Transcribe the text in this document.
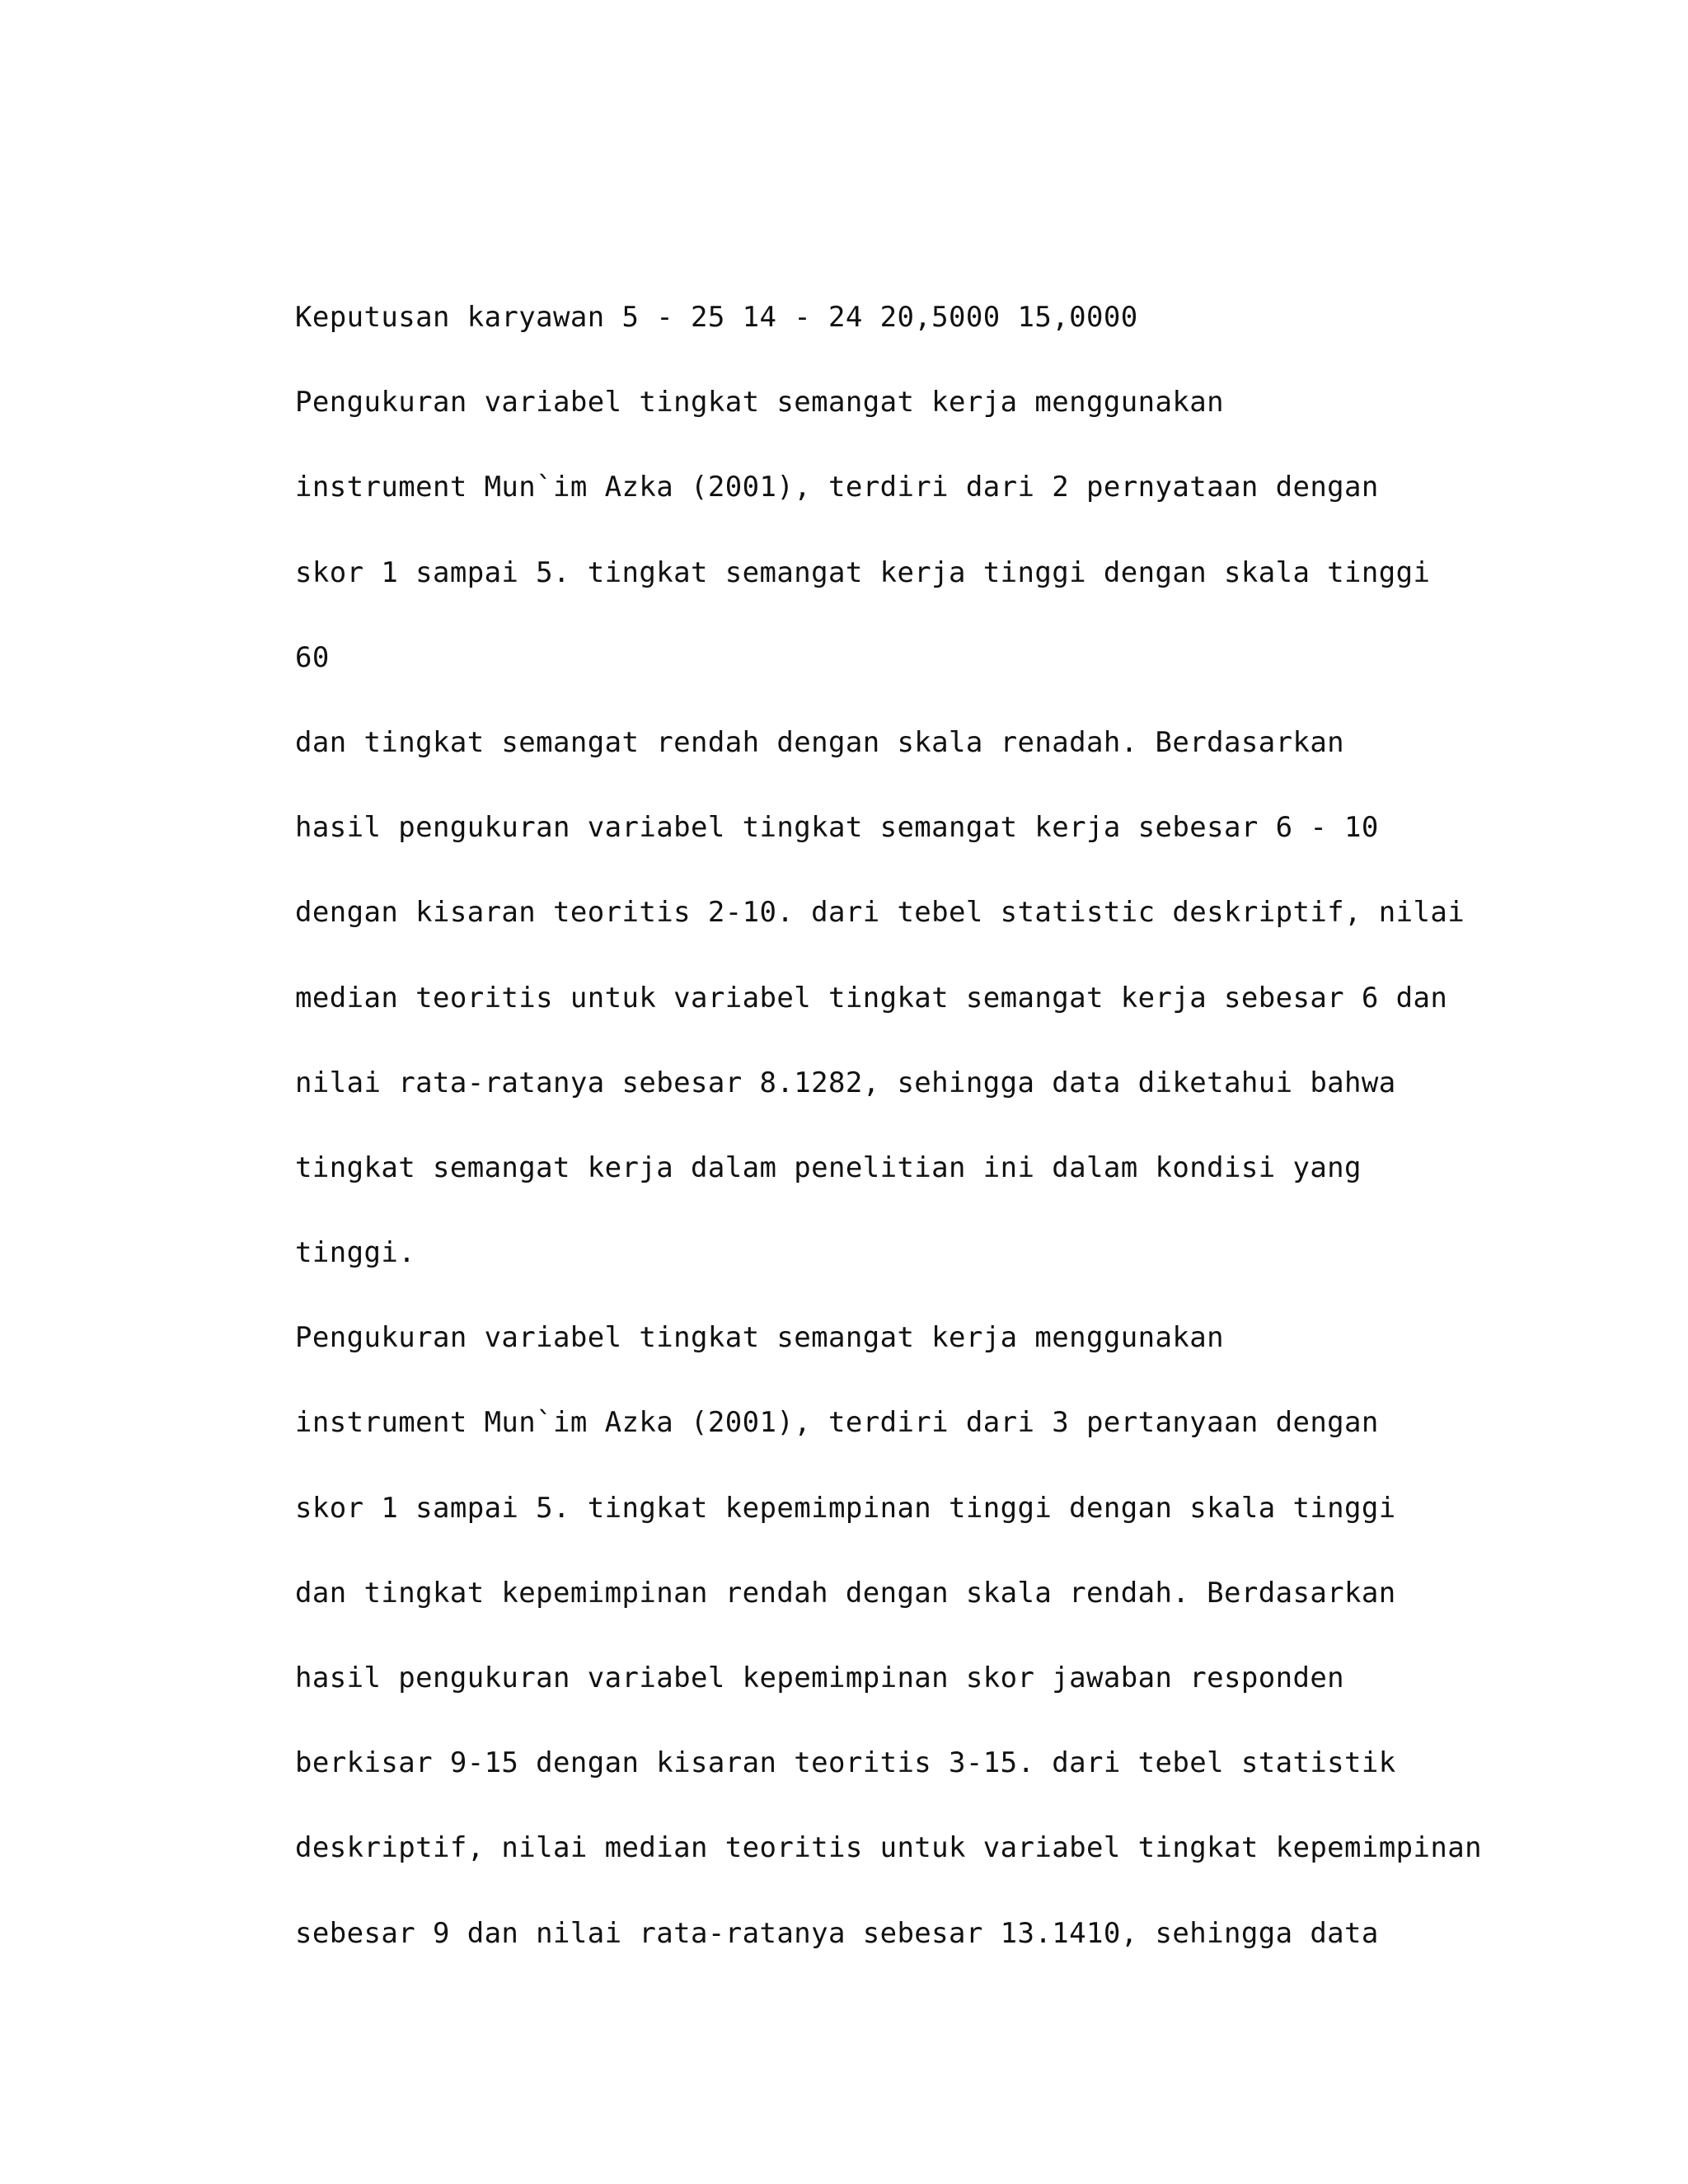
Keputusan karyawan 5 - 25 14 - 24 20,5000 15,0000
Pengukuran variabel tingkat semangat kerja menggunakan
instrument Mun`im Azka (2001), terdiri dari 2 pernyataan dengan
skor 1 sampai 5. tingkat semangat kerja tinggi dengan skala tinggi
60
dan tingkat semangat rendah dengan skala renadah. Berdasarkan
hasil pengukuran variabel tingkat semangat kerja sebesar 6 - 10
dengan kisaran teoritis 2-10. dari tebel statistic deskriptif, nilai
median teoritis untuk variabel tingkat semangat kerja sebesar 6 dan
nilai rata-ratanya sebesar 8.1282, sehingga data diketahui bahwa
tingkat semangat kerja dalam penelitian ini dalam kondisi yang
tinggi.
Pengukuran variabel tingkat semangat kerja menggunakan
instrument Mun`im Azka (2001), terdiri dari 3 pertanyaan dengan
skor 1 sampai 5. tingkat kepemimpinan tinggi dengan skala tinggi
dan tingkat kepemimpinan rendah dengan skala rendah. Berdasarkan
hasil pengukuran variabel kepemimpinan skor jawaban responden
berkisar 9-15 dengan kisaran teoritis 3-15. dari tebel statistik
deskriptif, nilai median teoritis untuk variabel tingkat kepemimpinan
sebesar 9 dan nilai rata-ratanya sebesar 13.1410, sehingga data
